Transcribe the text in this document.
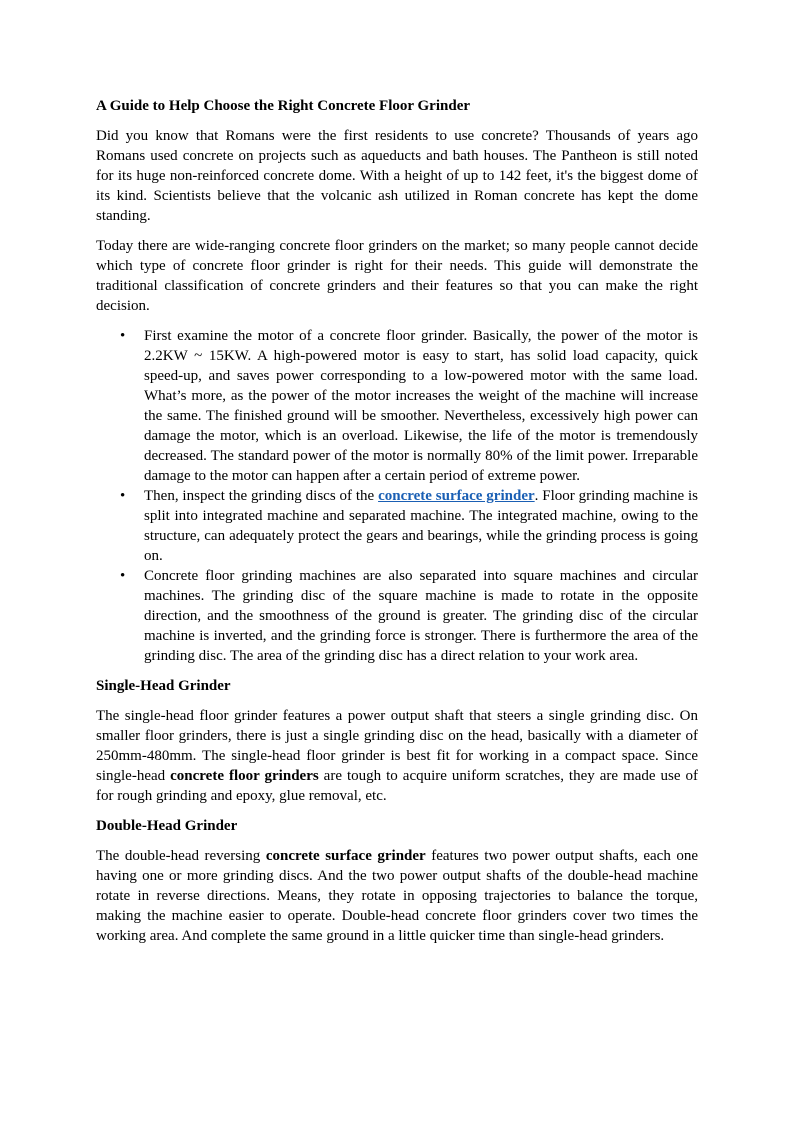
A Guide to Help Choose the Right Concrete Floor Grinder

Did you know that Romans were the first residents to use concrete? Thousands of years ago Romans used concrete on projects such as aqueducts and bath houses. The Pantheon is still noted for its huge non-reinforced concrete dome. With a height of up to 142 feet, it's the biggest dome of its kind. Scientists believe that the volcanic ash utilized in Roman concrete has kept the dome standing.

Today there are wide-ranging concrete floor grinders on the market; so many people cannot decide which type of concrete floor grinder is right for their needs. This guide will demonstrate the traditional classification of concrete grinders and their features so that you can make the right decision.

• First examine the motor of a concrete floor grinder. Basically, the power of the motor is 2.2KW ~ 15KW. A high-powered motor is easy to start, has solid load capacity, quick speed-up, and saves power corresponding to a low-powered motor with the same load. What’s more, as the power of the motor increases the weight of the machine will increase the same. The finished ground will be smoother. Nevertheless, excessively high power can damage the motor, which is an overload. Likewise, the life of the motor is tremendously decreased. The standard power of the motor is normally 80% of the limit power. Irreparable damage to the motor can happen after a certain period of extreme power.
• Then, inspect the grinding discs of the concrete surface grinder. Floor grinding machine is split into integrated machine and separated machine. The integrated machine, owing to the structure, can adequately protect the gears and bearings, while the grinding process is going on.
• Concrete floor grinding machines are also separated into square machines and circular machines. The grinding disc of the square machine is made to rotate in the opposite direction, and the smoothness of the ground is greater. The grinding disc of the circular machine is inverted, and the grinding force is stronger. There is furthermore the area of the grinding disc. The area of the grinding disc has a direct relation to your work area.
Single-Head Grinder

The single-head floor grinder features a power output shaft that steers a single grinding disc. On smaller floor grinders, there is just a single grinding disc on the head, basically with a diameter of 250mm-480mm. The single-head floor grinder is best fit for working in a compact space. Since single-head concrete floor grinders are tough to acquire uniform scratches, they are made use of for rough grinding and epoxy, glue removal, etc.

Double-Head Grinder

The double-head reversing concrete surface grinder features two power output shafts, each one having one or more grinding discs. And the two power output shafts of the double-head machine rotate in reverse directions. Means, they rotate in opposing trajectories to balance the torque, making the machine easier to operate. Double-head concrete floor grinders cover two times the working area. And complete the same ground in a little quicker time than single-head grinders.
